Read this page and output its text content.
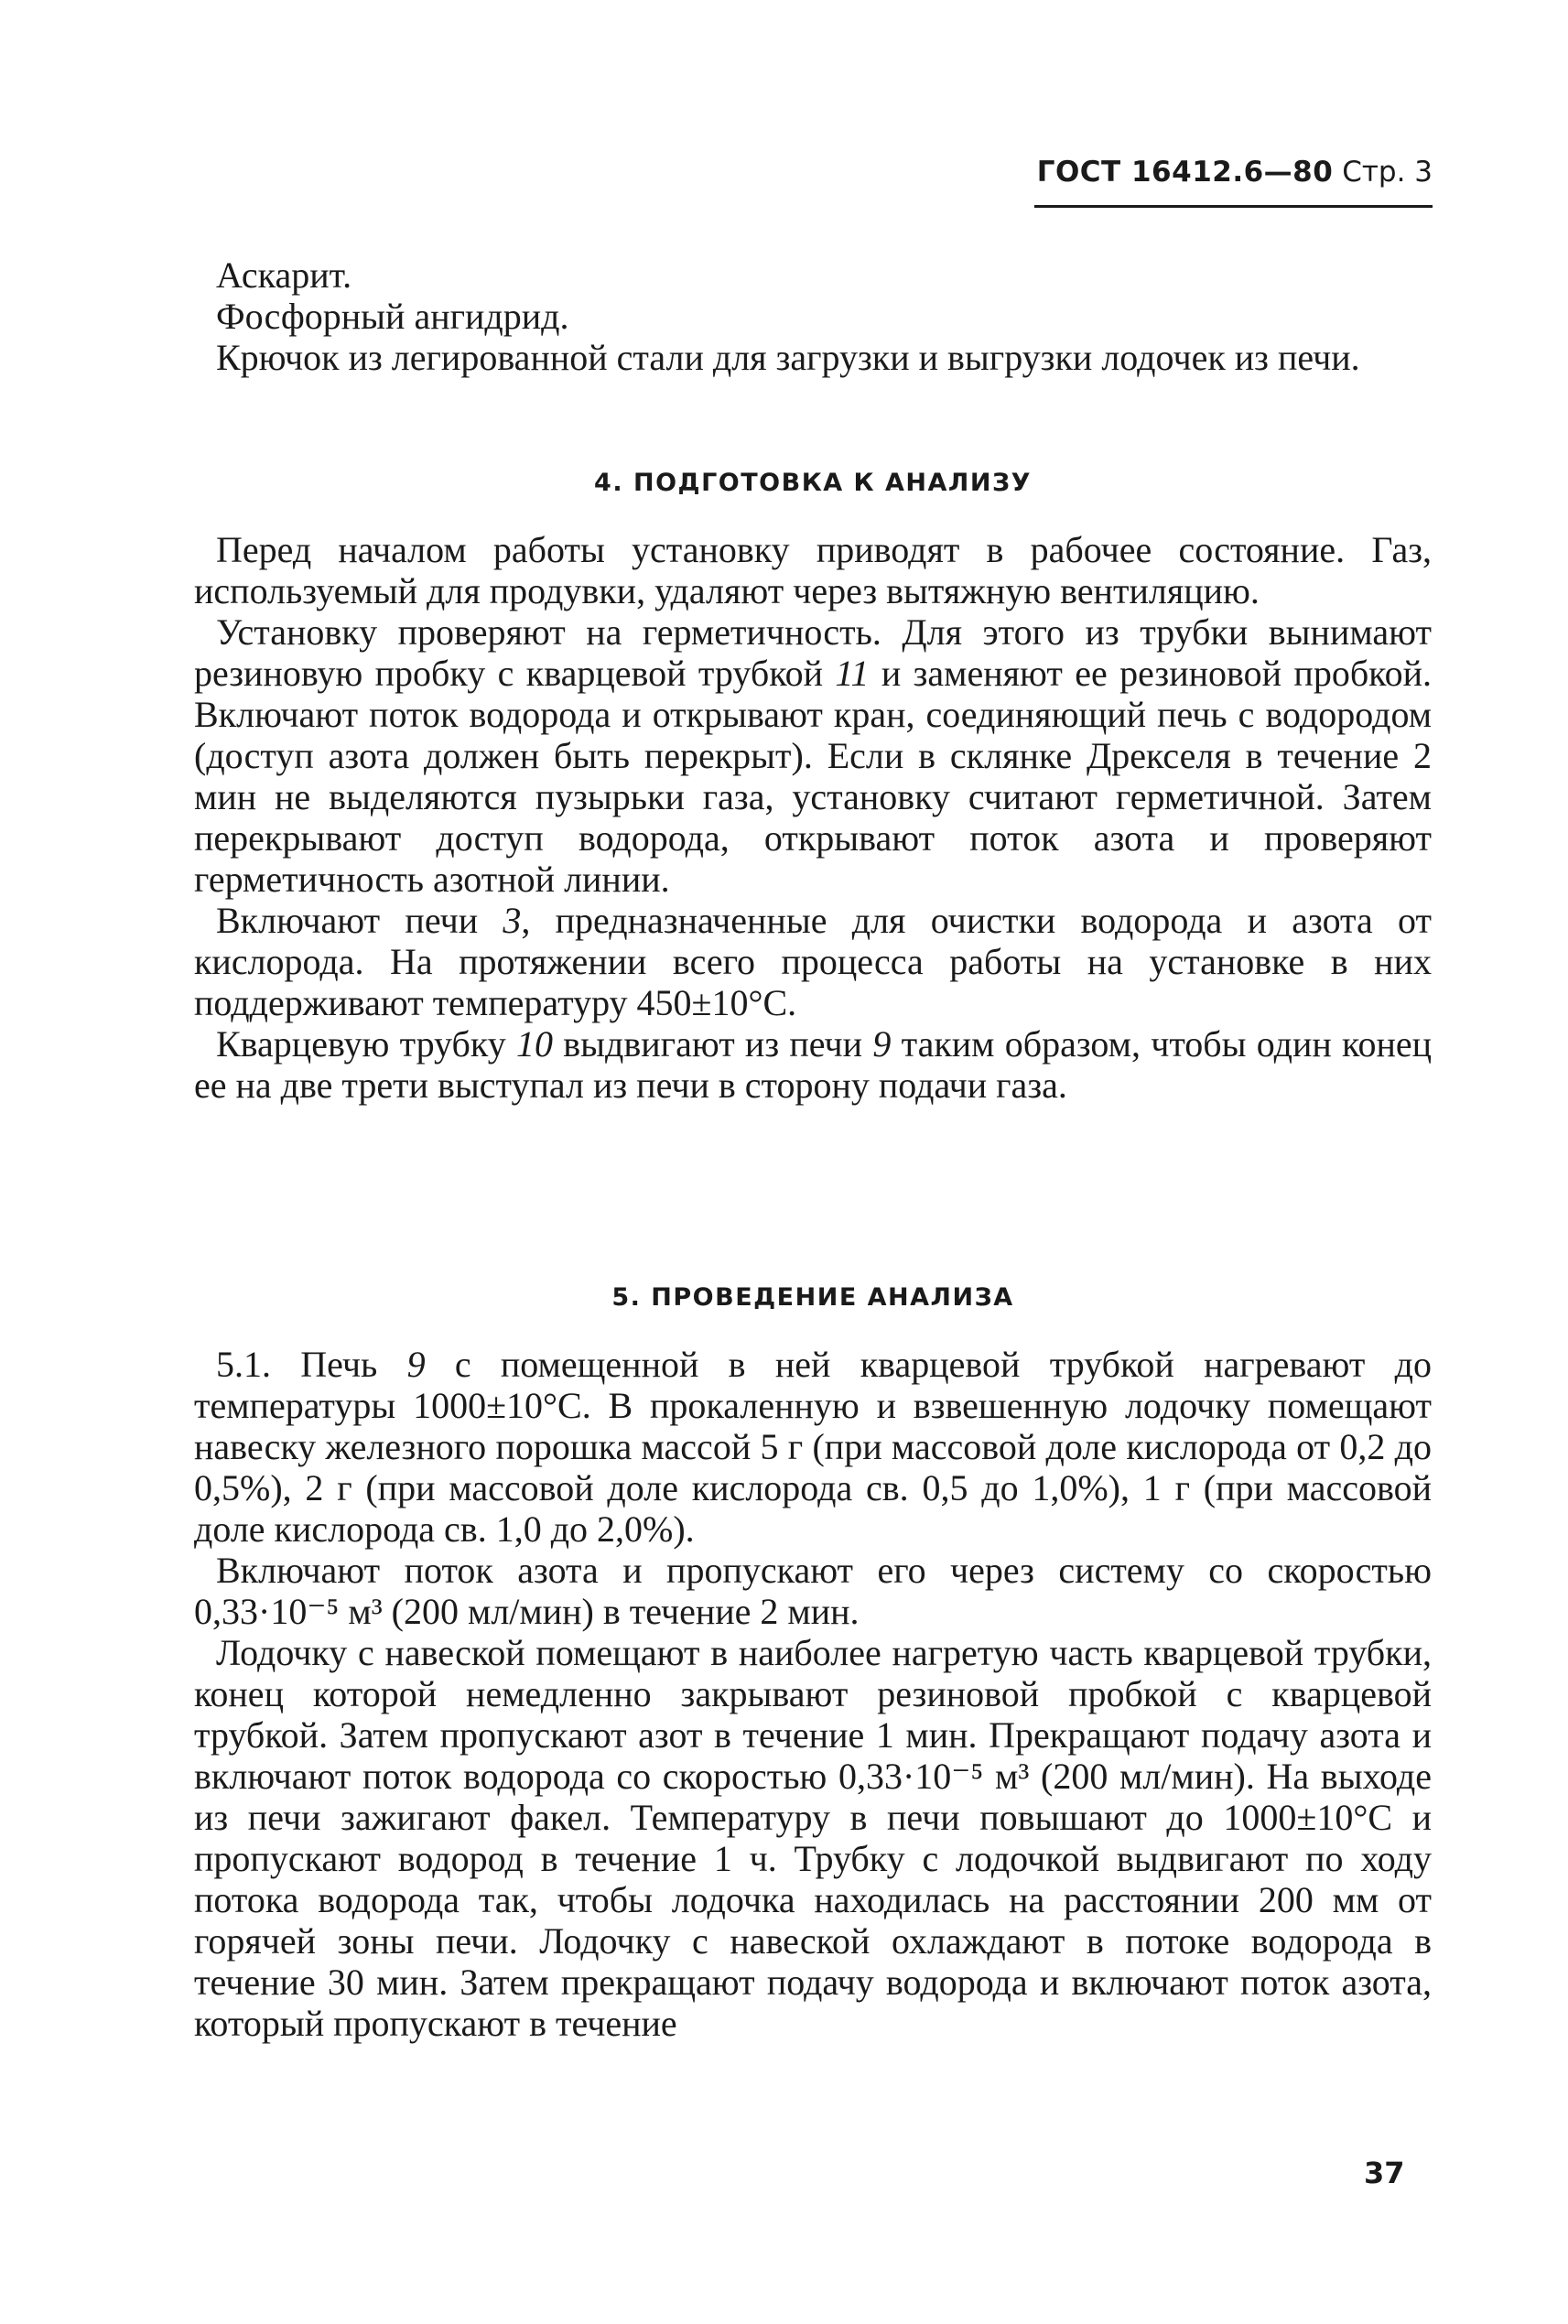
ГОСТ 16412.6—80 Стр. 3

Аскарит.

Фосфорный ангидрид.

Крючок из легированной стали для загрузки и выгрузки лодочек из печи.

4. ПОДГОТОВКА К АНАЛИЗУ

Перед началом работы установку приводят в рабочее состояние. Газ, используемый для продувки, удаляют через вытяжную вентиляцию.

Установку проверяют на герметичность. Для этого из трубки вынимают резиновую пробку с кварцевой трубкой 11 и заменяют ее резиновой пробкой. Включают поток водорода и открывают кран, соединяющий печь с водородом (доступ азота должен быть перекрыт). Если в склянке Дрекселя в течение 2 мин не выделяются пузырьки газа, установку считают герметичной. Затем перекрывают доступ водорода, открывают поток азота и проверяют герметичность азотной линии.

Включают печи 3, предназначенные для очистки водорода и азота от кислорода. На протяжении всего процесса работы на установке в них поддерживают температуру 450±10°С.

Кварцевую трубку 10 выдвигают из печи 9 таким образом, чтобы один конец ее на две трети выступал из печи в сторону подачи газа.

5. ПРОВЕДЕНИЕ АНАЛИЗА

5.1. Печь 9 с помещенной в ней кварцевой трубкой нагревают до температуры 1000±10°С. В прокаленную и взвешенную лодочку помещают навеску железного порошка массой 5 г (при массовой доле кислорода от 0,2 до 0,5%), 2 г (при массовой доле кислорода св. 0,5 до 1,0%), 1 г (при массовой доле кислорода св. 1,0 до 2,0%).

Включают поток азота и пропускают его через систему со скоростью 0,33·10⁻⁵ м³ (200 мл/мин) в течение 2 мин.

Лодочку с навеской помещают в наиболее нагретую часть кварцевой трубки, конец которой немедленно закрывают резиновой пробкой с кварцевой трубкой. Затем пропускают азот в течение 1 мин. Прекращают подачу азота и включают поток водорода со скоростью 0,33·10⁻⁵ м³ (200 мл/мин). На выходе из печи зажигают факел. Температуру в печи повышают до 1000±10°С и пропускают водород в течение 1 ч. Трубку с лодочкой выдвигают по ходу потока водорода так, чтобы лодочка находилась на расстоянии 200 мм от горячей зоны печи. Лодочку с навеской охлаждают в потоке водорода в течение 30 мин. Затем прекращают подачу водорода и включают поток азота, который пропускают в течение

37
